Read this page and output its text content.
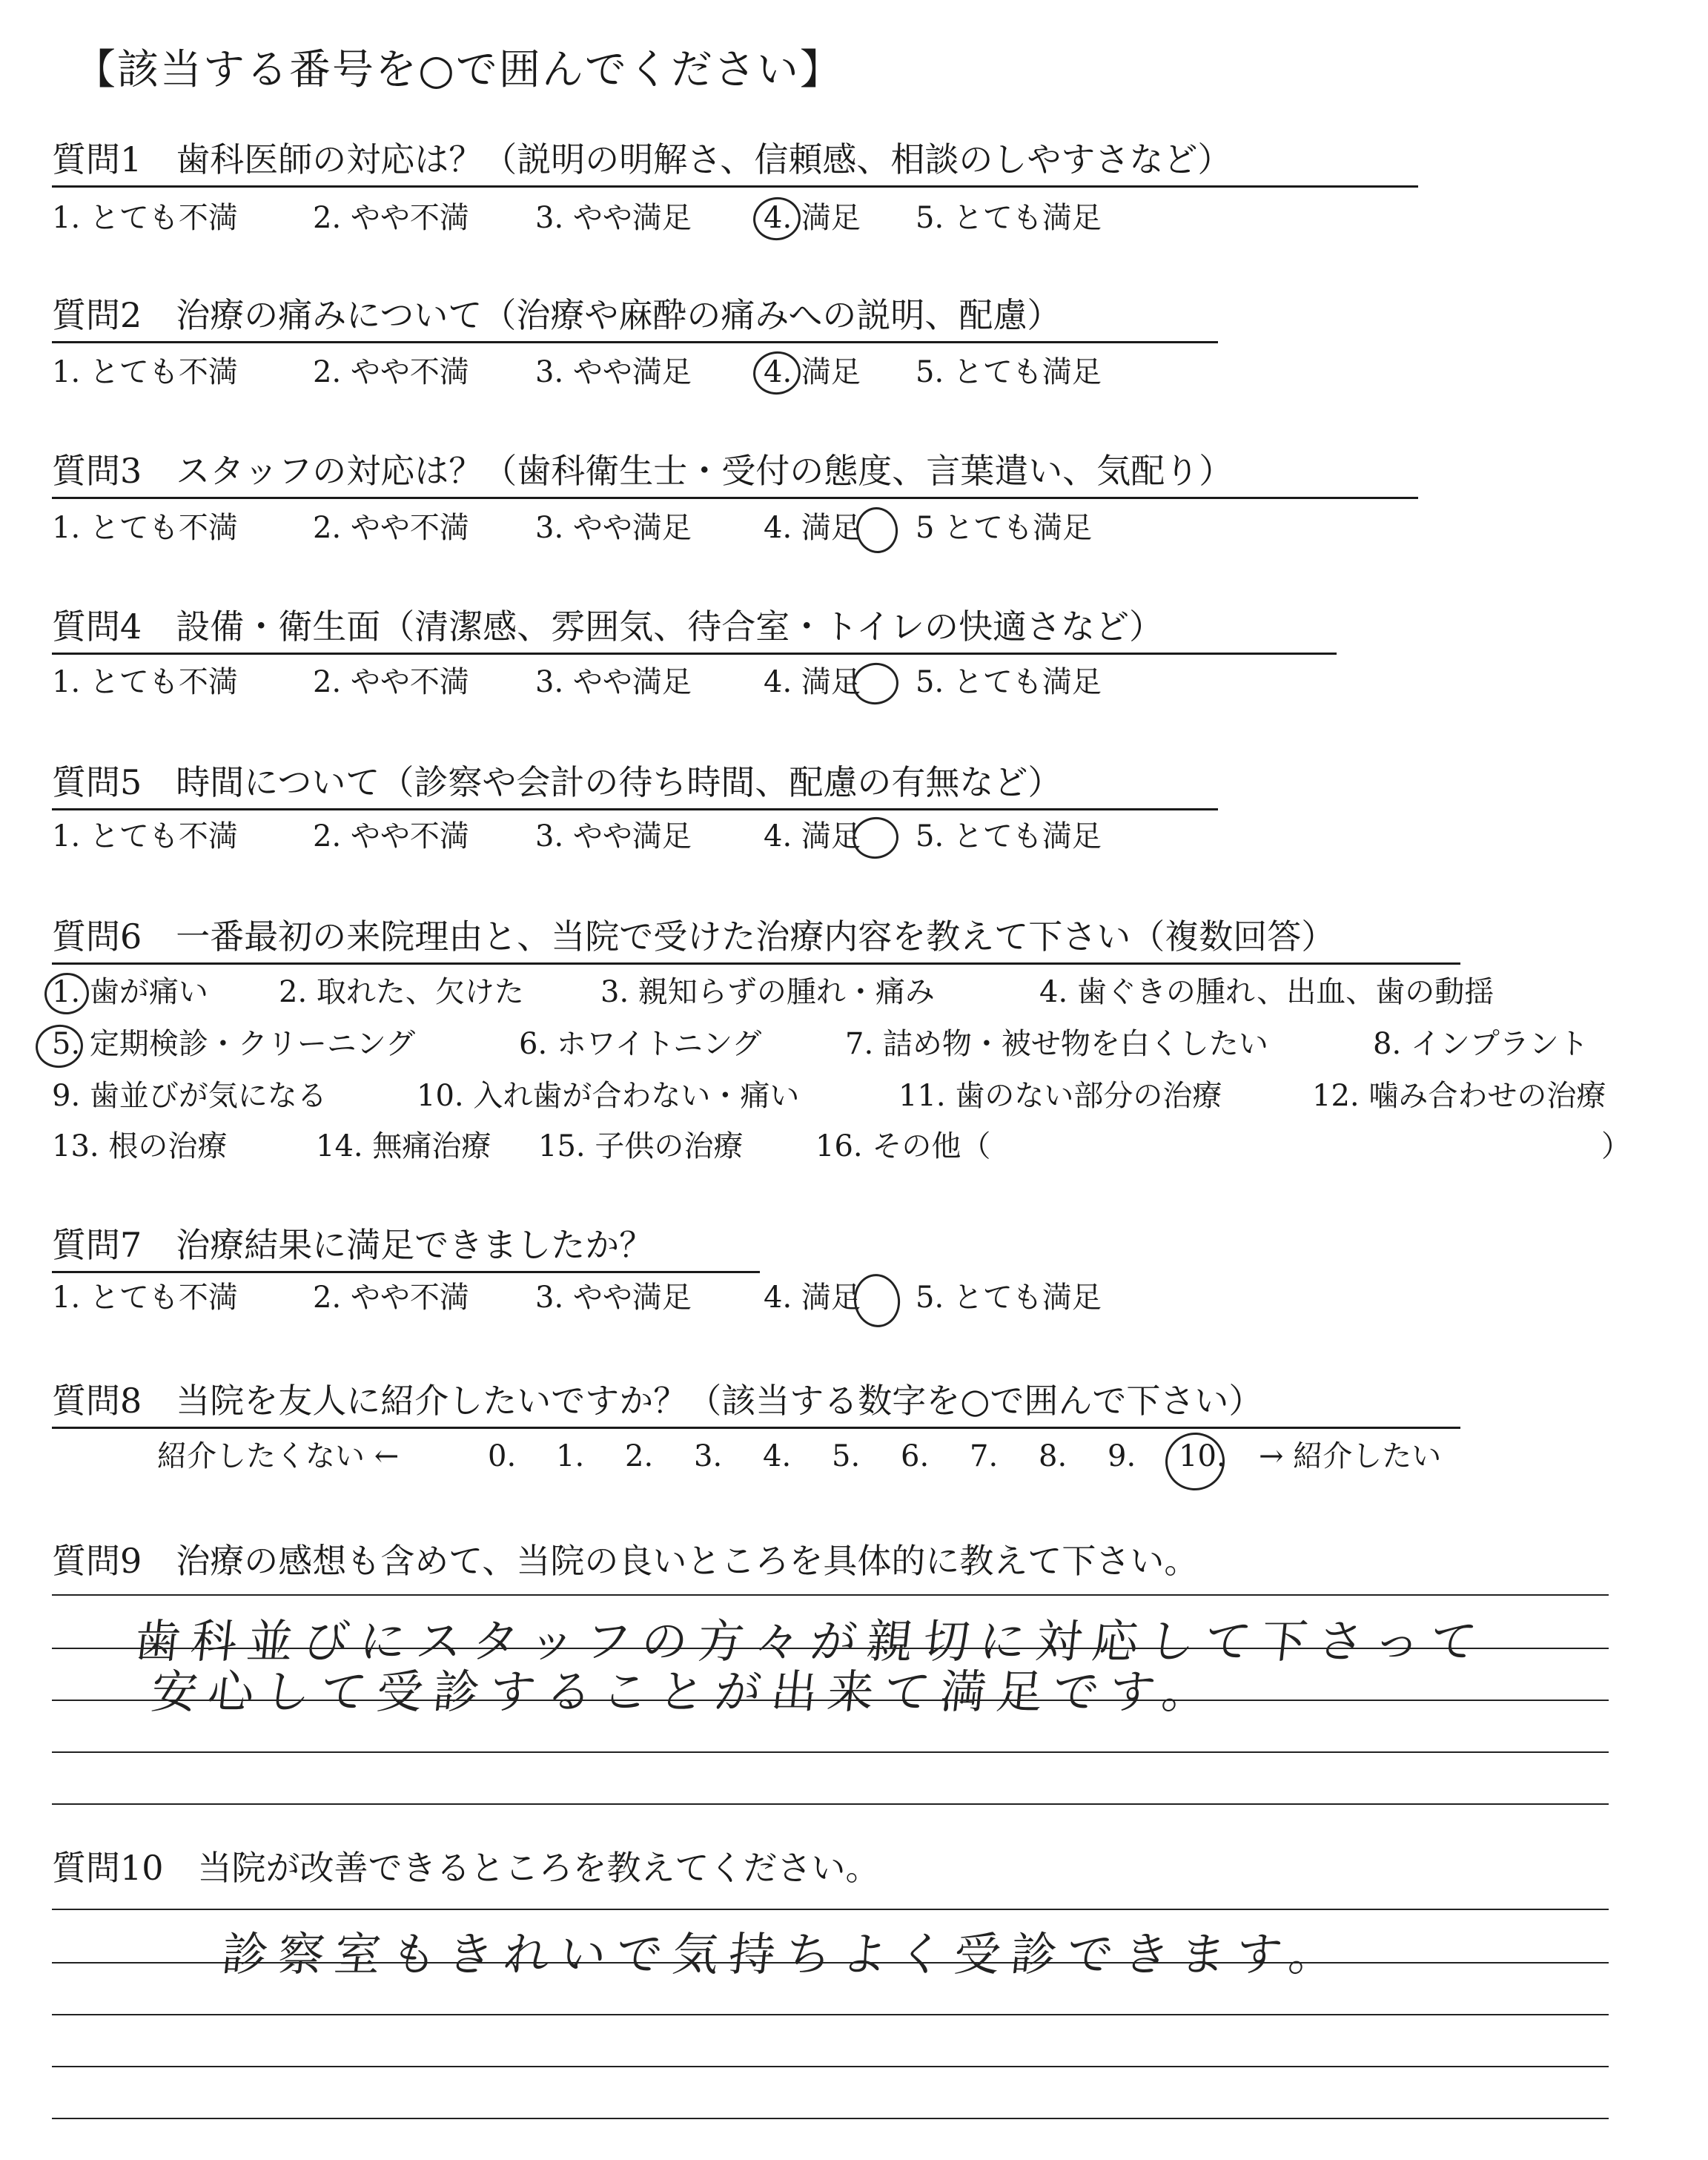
【該当する番号を○で囲んでください】
質問1　歯科医師の対応は？（説明の明解さ、信頼感、相談のしやすさなど）
1. とても不満	2. やや不満 3. やや満足 4. 満足 5. とても満足
質問2　治療の痛みについて（治療や麻酔の痛みへの説明、配慮）
1. とても不満	2. やや不満 3. やや満足 4. 満足 5. とても満足
質問3　スタッフの対応は？（歯科衛生士・受付の態度、言葉遣い、気配り）
1. とても不満	2. やや不満 3. やや満足 4. 満足 5 とても満足
質問4　設備・衛生面（清潔感、雰囲気、待合室・トイレの快適さなど）
1. とても不満	2. やや不満 3. やや満足 4. 満足 5. とても満足
質問5　時間について（診察や会計の待ち時間、配慮の有無など）
1. とても不満	2. やや不満 3. やや満足 4. 満足 5. とても満足
質問6　一番最初の来院理由と、当院で受けた治療内容を教えて下さい（複数回答）
1. 歯が痛い 2. 取れた、欠けた	3. 親知らずの腫れ・痛み	4. 歯ぐきの腫れ、出血、歯の動揺
5. 定期検診・クリーニング	6. ホワイトニング	7. 詰め物・被せ物を白くしたい	8. インプラント
9. 歯並びが気になる	10. 入れ歯が合わない・痛い	11. 歯のない部分の治療	12. 噛み合わせの治療
13. 根の治療	14. 無痛治療 15. 子供の治療 16. その他（	）
質問7　治療結果に満足できましたか？
1. とても不満	2. やや不満 3. やや満足 4. 満足 5. とても満足
質問8　当院を友人に紹介したいですか？（該当する数字を○で囲んで下さい）
紹介したくない ←	0. 1. 2. 3. 4. 5. 6. 7. 8. 9. 10. → 紹介したい
質問9　治療の感想も含めて、当院の良いところを具体的に教えて下さい。
歯科並びにスタッフの方々が親切に対応して下さって
安心して受診することが出来て満足です。
質問10　当院が改善できるところを教えてください。
診察室もきれいで気持ちよく受診できます。
